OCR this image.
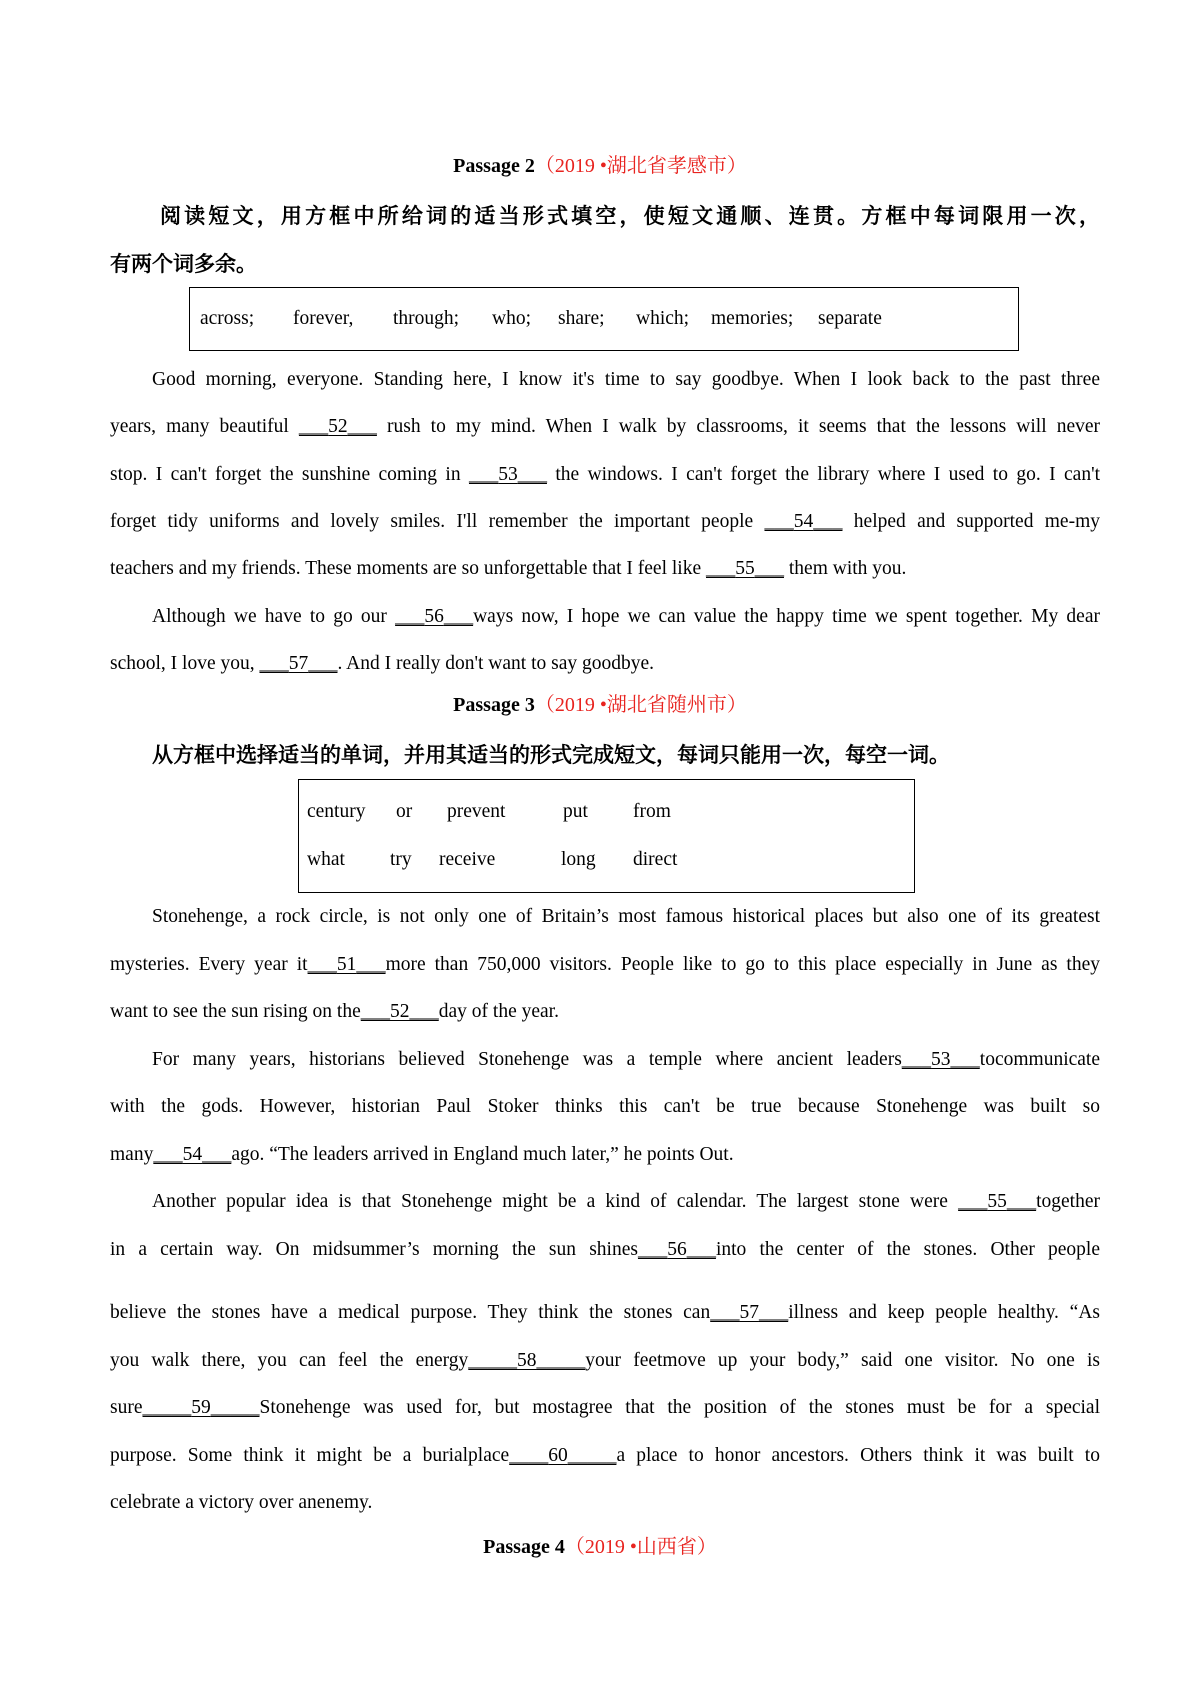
Passage 2（2019 •湖北省孝感市）
阅读短文，用方框中所给词的适当形式填空，使短文通顺、连贯。方框中每词限用一次，
有两个词多余。
across; forever, through; who; share; which; memories; separate
Good morning, everyone. Standing here, I know it's time to say goodbye. When I look back to the past three
years, many beautiful ___52___ rush to my mind. When I walk by classrooms, it seems that the lessons will never
stop. I can't forget the sunshine coming in ___53___ the windows. I can't forget the library where I used to go. I can't
forget tidy uniforms and lovely smiles. I'll remember the important people ___54___ helped and supported me-my
teachers and my friends. These moments are so unforgettable that I feel like ___55___ them with you.
Although we have to go our ___56___ways now, I hope we can value the happy time we spent together. My dear
school, I love you, ___57___. And I really don't want to say goodbye.
Passage 3（2019 •湖北省随州市）
从方框中选择适当的单词，并用其适当的形式完成短文，每词只能用一次，每空一词。
century or prevent	put from
what try receive	long direct
Stonehenge, a rock circle, is not only one of Britain’s most famous historical places but also one of its greatest
mysteries. Every year it___51___more than 750,000 visitors. People like to go to this place especially in June as they
want to see the sun rising on the___52___day of the year.
For many years, historians believed Stonehenge was a temple where ancient leaders___53___tocommunicate
with the gods. However, historian Paul Stoker thinks this can't be true because Stonehenge was built so
many___54___ago. “The leaders arrived in England much later,” he points Out.
Another popular idea is that Stonehenge might be a kind of calendar. The largest stone were ___55___together
in a certain way. On midsummer’s morning the sun shines___56___into the center of the stones. Other people
believe the stones have a medical purpose. They think the stones can___57___illness and keep people healthy. “As
you walk there, you can feel the energy_____58_____your feetmove up your body,” said one visitor. No one is
sure_____59_____Stonehenge was used for, but mostagree that the position of the stones must be for a special
purpose. Some think it might be a burialplace____60_____a place to honor ancestors. Others think it was built to
celebrate a victory over anenemy.
Passage 4（2019 •山西省）
